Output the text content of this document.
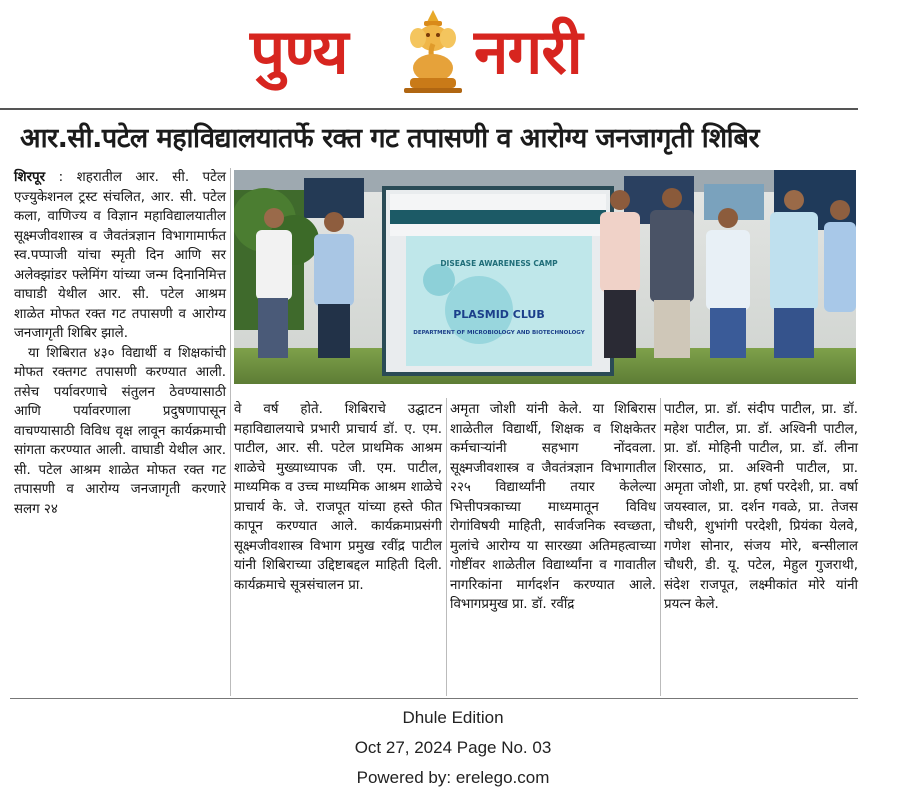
पुण्य नगरी
आर.सी.पटेल महाविद्यालयातर्फे रक्त गट तपासणी व आरोग्य जनजागृती शिबिर

शिरपूर : शहरातील आर. सी. पटेल एज्युकेशनल ट्रस्ट संचलित, आर. सी. पटेल कला, वाणिज्य व विज्ञान महाविद्यालयातील सूक्ष्मजीवशास्त्र व जैवतंत्रज्ञान विभागामार्फत स्व.पप्पाजी यांचा स्मृती दिन आणि सर अलेक्झांडर फ्लेमिंग यांच्या जन्म दिनानिमित्त वाघाडी येथील आर. सी. पटेल आश्रम शाळेत मोफत रक्त गट तपासणी व आरोग्य जनजागृती शिबिर झाले.

या शिबिरात ४३० विद्यार्थी व शिक्षकांची मोफत रक्तगट तपासणी करण्यात आली. तसेच पर्यावरणाचे संतुलन ठेवण्यासाठी आणि पर्यावरणाला प्रदुषणापासून वाचण्यासाठी विविध वृक्ष लावून कार्यक्रमाची सांगता करण्यात आली. वाघाडी येथील आर. सी. पटेल आश्रम शाळेत मोफत रक्त गट तपासणी व आरोग्य जनजागृती करणारे सलग २४

DISEASE AWARENESS CAMP
PLASMID CLUB
DEPARTMENT OF MICROBIOLOGY AND BIOTECHNOLOGY

वे वर्ष होते. शिबिराचे उद्घाटन महाविद्यालयाचे प्रभारी प्राचार्य डॉ. ए. एम. पाटील, आर. सी. पटेल प्राथमिक आश्रम शाळेचे मुख्याध्यापक जी. एम. पाटील, माध्यमिक व उच्च माध्यमिक आश्रम शाळेचे प्राचार्य के. जे. राजपूत यांच्या हस्ते फीत कापून करण्यात आले. कार्यक्रमाप्रसंगी सूक्ष्मजीवशास्त्र विभाग प्रमुख रवींद्र पाटील यांनी शिबिराच्या उद्दिष्टाबद्दल माहिती दिली. कार्यक्रमाचे सूत्रसंचालन प्रा.

अमृता जोशी यांनी केले. या शिबिरास शाळेतील विद्यार्थी, शिक्षक व शिक्षकेतर कर्मचाऱ्यांनी सहभाग नोंदवला. सूक्ष्मजीवशास्त्र व जैवतंत्रज्ञान विभागातील २२५ विद्यार्थ्यांनी तयार केलेल्या भित्तीपत्रकाच्या माध्यमातून विविध रोगांविषयी माहिती, सार्वजनिक स्वच्छता, मुलांचे आरोग्य या सारख्या अतिमहत्वाच्या गोष्टींवर शाळेतील विद्यार्थ्यांना व गावातील नागरिकांना मार्गदर्शन करण्यात आले. विभागप्रमुख प्रा. डॉ. रवींद्र

पाटील, प्रा. डॉ. संदीप पाटील, प्रा. डॉ. महेश पाटील, प्रा. डॉ. अश्विनी पाटील, प्रा. डॉ. मोहिनी पाटील, प्रा. डॉ. लीना शिरसाठ, प्रा. अश्विनी पाटील, प्रा. अमृता जोशी, प्रा. हर्षा परदेशी, प्रा. वर्षा जयस्वाल, प्रा. दर्शन गवळे, प्रा. तेजस चौधरी, शुभांगी परदेशी, प्रियंका येलवे, गणेश सोनार, संजय मोरे, बन्सीलाल चौधरी, डी. यू. पटेल, मेहुल गुजराथी, संदेश राजपूत, लक्ष्मीकांत मोरे यांनी प्रयत्न केले.

Dhule Edition
Oct 27, 2024 Page No. 03
Powered by: erelego.com
